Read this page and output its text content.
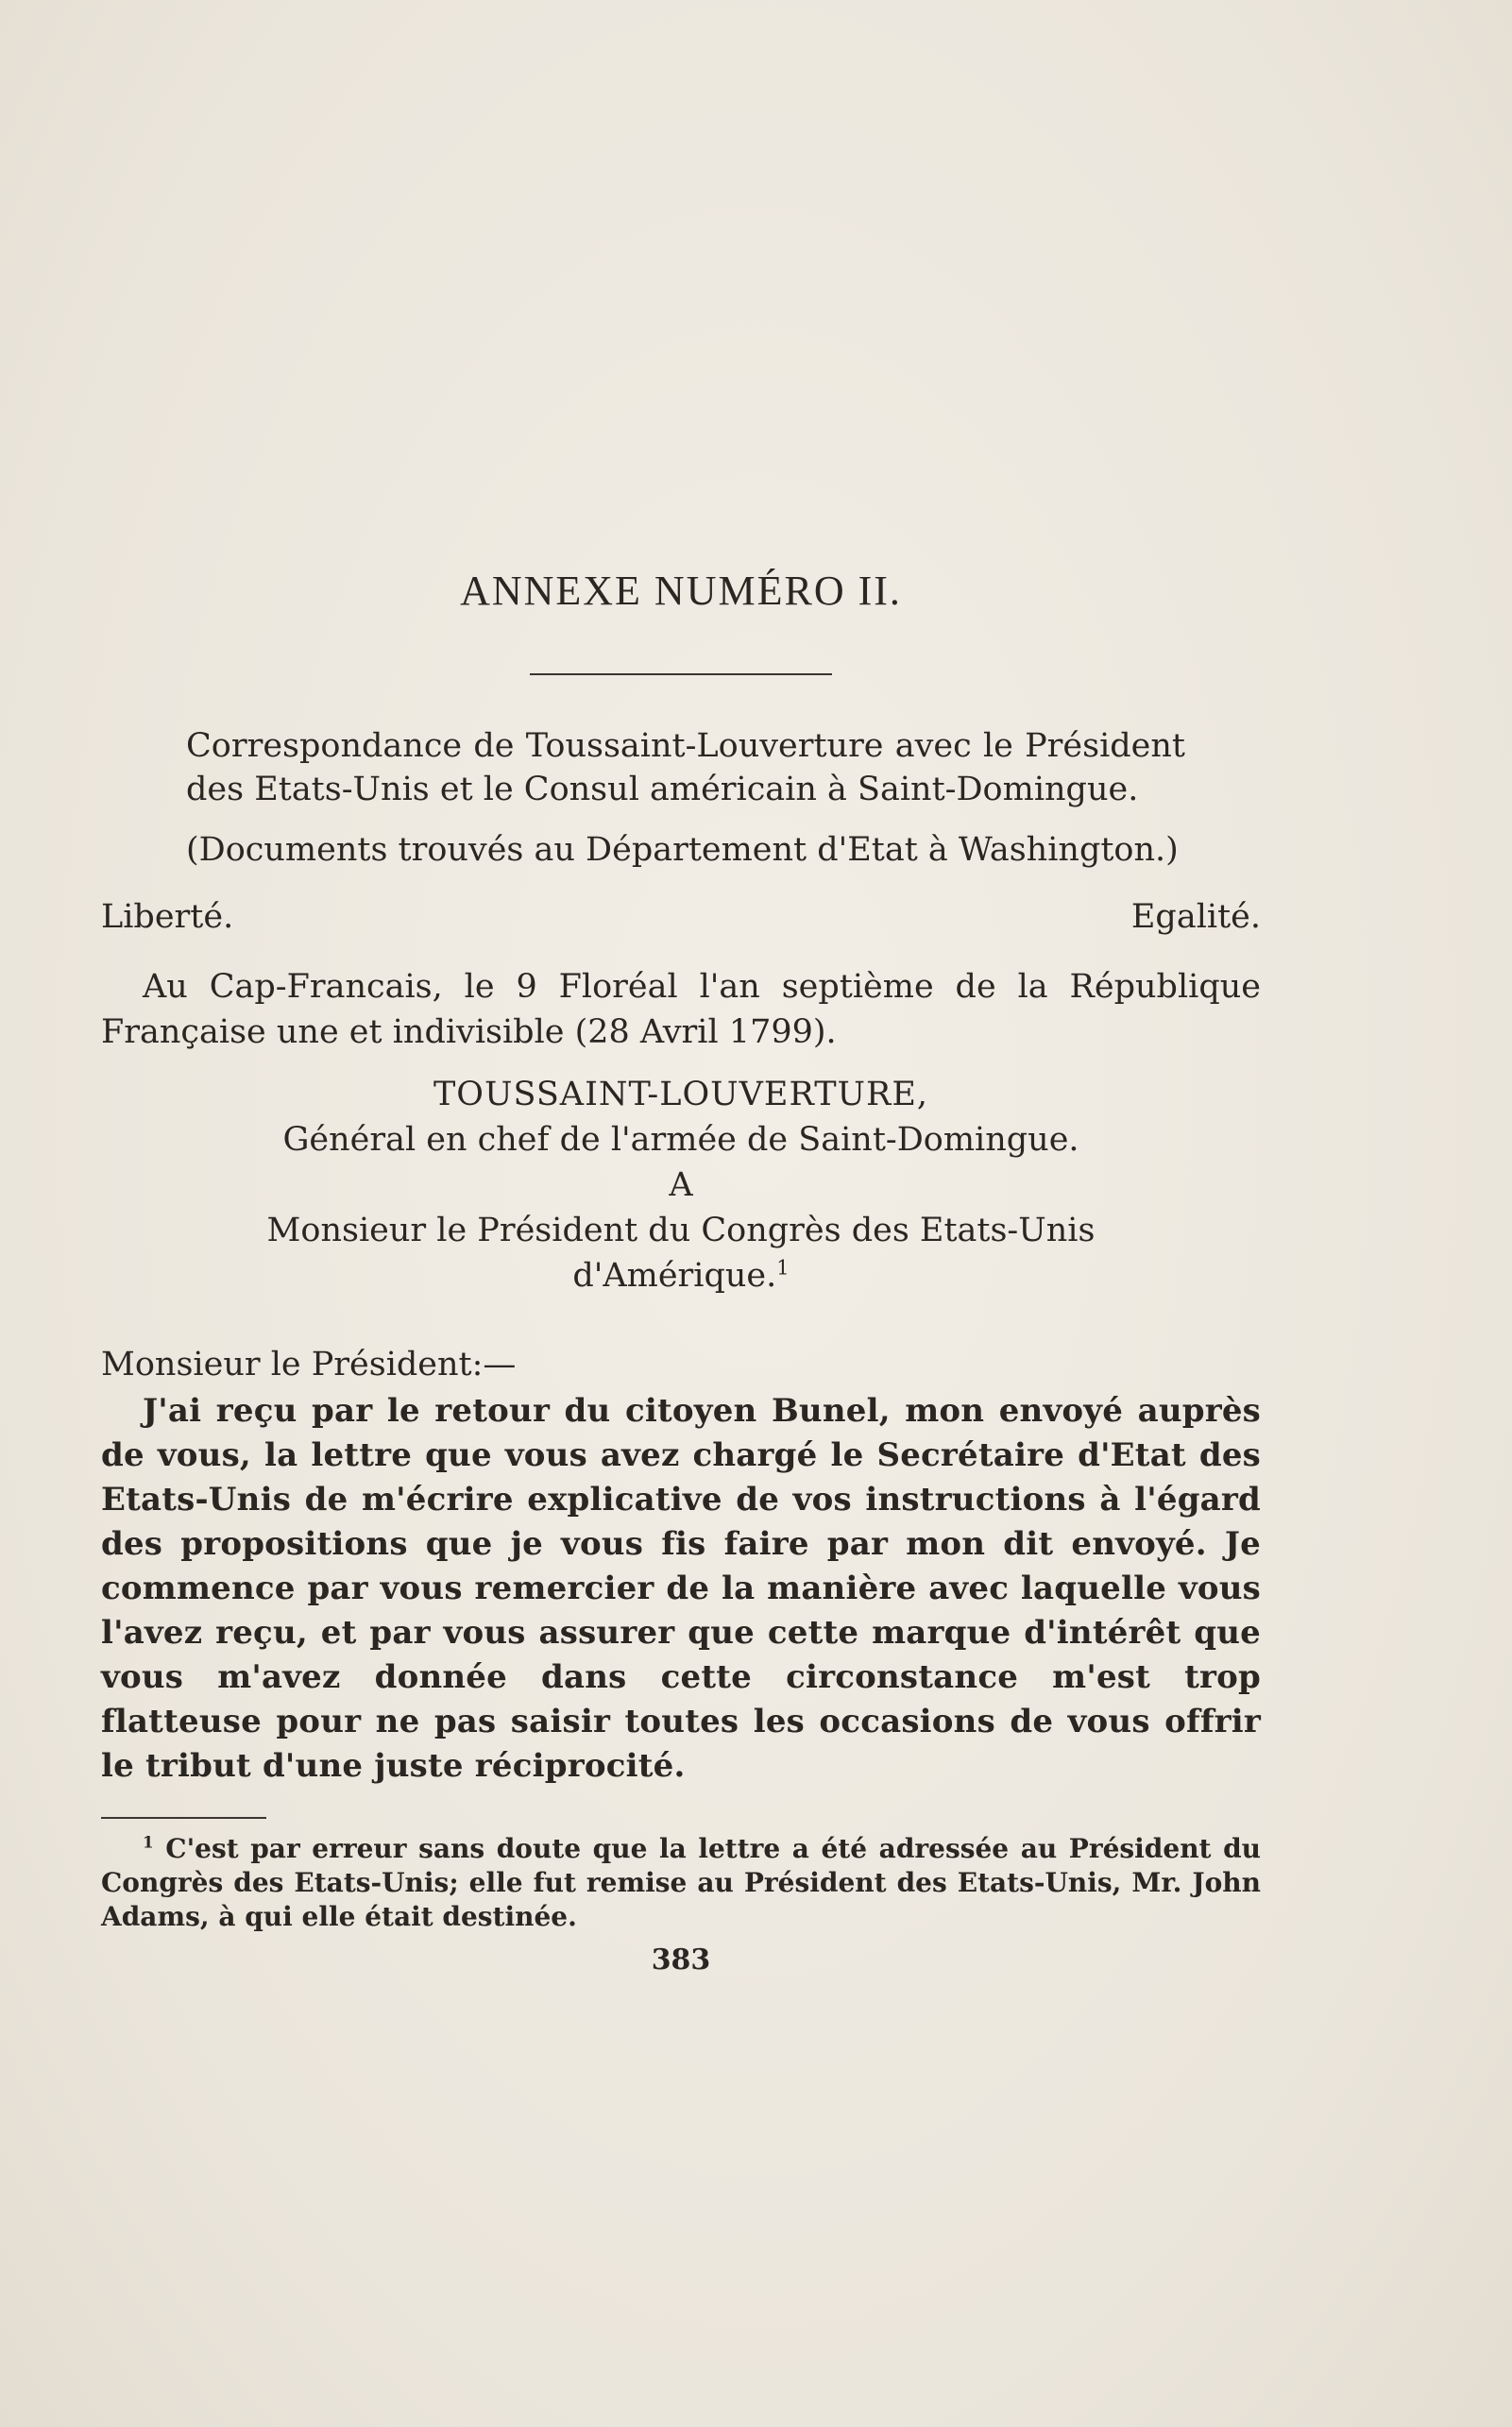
ANNEXE NUMÉRO II.

Correspondance de Toussaint-Louverture avec le Président des Etats-Unis et le Consul américain à Saint-Domingue.

(Documents trouvés au Département d'Etat à Washington.)

Liberté.	Egalité.
Au Cap-Francais, le 9 Floréal l'an septième de la République Française une et indivisible (28 Avril 1799).
TOUSSAINT-LOUVERTURE,
Général en chef de l'armée de Saint-Domingue.
A
Monsieur le Président du Congrès des Etats-Unis
d'Amérique.$^1$
Monsieur le Président:—
J'ai reçu par le retour du citoyen Bunel, mon envoyé auprès de vous, la lettre que vous avez chargé le Secrétaire d'Etat des Etats-Unis de m'écrire explicative de vos instructions à l'égard des propositions que je vous fis faire par mon dit envoyé. Je commence par vous remercier de la manière avec laquelle vous l'avez reçu, et par vous assurer que cette marque d'intérêt que vous m'avez donnée dans cette circonstance m'est trop flatteuse pour ne pas saisir toutes les occasions de vous offrir le tribut d'une juste réciprocité.
$^1$ C'est par erreur sans doute que la lettre a été adressée au Président du Congrès des Etats-Unis; elle fut remise au Président des Etats-Unis, Mr. John Adams, à qui elle était destinée.
383
